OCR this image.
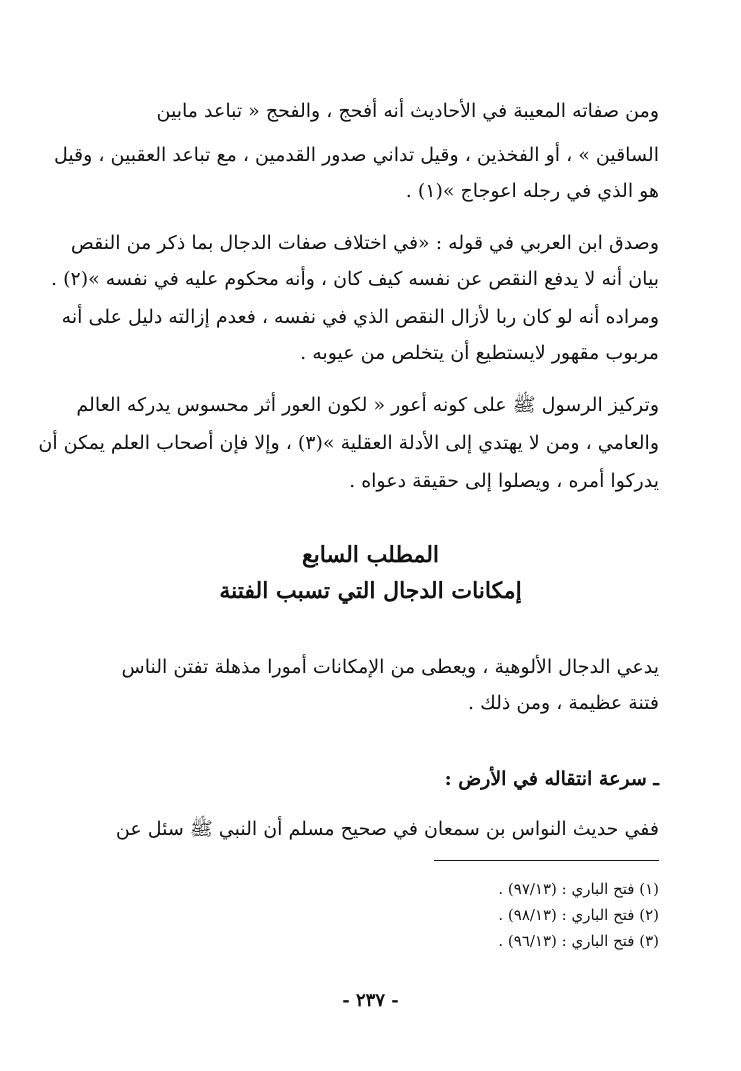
ومن صفاته المعيبة في الأحاديث أنه أفحج ، والفحج « تباعد مابين
الساقين » ، أو الفخذين ، وقيل تداني صدور القدمين ، مع تباعد العقبين ، وقيل
هو الذي في رجله اعوجاج »(١) .
وصدق ابن العربي في قوله : «في اختلاف صفات الدجال بما ذكر من النقص
بيان أنه لا يدفع النقص عن نفسه كيف كان ، وأنه محكوم عليه في نفسه »(٢) .
ومراده أنه لو كان ربا لأزال النقص الذي في نفسه ، فعدم إزالته دليل على أنه
مربوب مقهور لايستطيع أن يتخلص من عيوبه .
وتركيز الرسول ﷺ على كونه أعور « لكون العور أثر محسوس يدركه العالم
والعامي ، ومن لا يهتدي إلى الأدلة العقلية »(٣) ، وإلا فإن أصحاب العلم يمكن أن
يدركوا أمره ، ويصلوا إلى حقيقة دعواه .
المطلب السابع
إمكانات الدجال التي تسبب الفتنة
يدعي الدجال الألوهية ، ويعطى من الإمكانات أمورا مذهلة تفتن الناس
فتنة عظيمة ، ومن ذلك .
ـ سرعة انتقاله في الأرض :
ففي حديث النواس بن سمعان في صحيح مسلم أن النبي ﷺ سئل عن
(١) فتح الباري : (٩٧/١٣) .
(٢) فتح الباري : (٩٨/١٣) .
(٣) فتح الباري : (٩٦/١٣) .
- ٢٣٧ -
